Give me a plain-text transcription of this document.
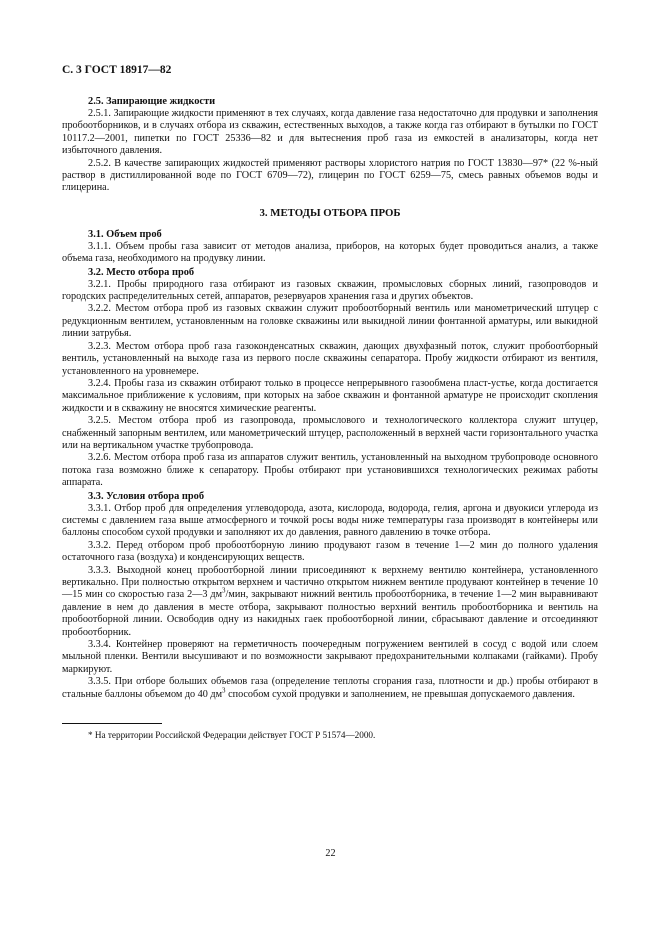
С. 3 ГОСТ 18917—82
2.5. Запирающие жидкости

2.5.1. Запирающие жидкости применяют в тех случаях, когда давление газа недостаточно для продувки и заполнения пробоотборников, и в случаях отбора из скважин, естественных выходов, а также когда газ отбирают в бутылки по ГОСТ 10117.2—2001, пипетки по ГОСТ 25336—82 и для вытеснения проб газа из емкостей в анализаторы, когда нет избыточного давления.

2.5.2. В качестве запирающих жидкостей применяют растворы хлористого натрия по ГОСТ 13830—97* (22 %-ный раствор в дистиллированной воде по ГОСТ 6709—72), глицерин по ГОСТ 6259—75, смесь равных объемов воды и глицерина.

3. МЕТОДЫ ОТБОРА ПРОБ
3.1. Объем проб

3.1.1. Объем пробы газа зависит от методов анализа, приборов, на которых будет проводиться анализ, а также объема газа, необходимого на продувку линии.

3.2. Место отбора проб

3.2.1. Пробы природного газа отбирают из газовых скважин, промысловых сборных линий, газопроводов и городских распределительных сетей, аппаратов, резервуаров хранения газа и других объектов.

3.2.2. Местом отбора проб из газовых скважин служит пробоотборный вентиль или манометрический штуцер с редукционным вентилем, установленным на головке скважины или выкидной линии фонтанной арматуры, или выкидной линии затрубья.

3.2.3. Местом отбора проб газа газоконденсатных скважин, дающих двухфазный поток, служит пробоотборный вентиль, установленный на выходе газа из первого после скважины сепаратора. Пробу жидкости отбирают из вентиля, установленного на уровнемере.

3.2.4. Пробы газа из скважин отбирают только в процессе непрерывного газообмена пласт-устье, когда достигается максимальное приближение к условиям, при которых на забое скважин и фонтанной арматуре не происходит скопления жидкости и в скважину не вносятся химические реагенты.

3.2.5. Местом отбора проб из газопровода, промыслового и технологического коллектора служит штуцер, снабженный запорным вентилем, или манометрический штуцер, расположенный в верхней части горизонтального участка или на вертикальном участке трубопровода.

3.2.6. Местом отбора проб газа из аппаратов служит вентиль, установленный на выходном трубопроводе основного потока газа возможно ближе к сепаратору. Пробы отбирают при установившихся технологических режимах работы аппарата.

3.3. Условия отбора проб

3.3.1. Отбор проб для определения углеводорода, азота, кислорода, водорода, гелия, аргона и двуокиси углерода из системы с давлением газа выше атмосферного и точкой росы воды ниже температуры газа производят в контейнеры или баллоны способом сухой продувки и заполняют их до давления, равного давлению в точке отбора.

3.3.2. Перед отбором проб пробоотборную линию продувают газом в течение 1—2 мин до полного удаления остаточного газа (воздуха) и конденсирующих веществ.

3.3.3. Выходной конец пробоотборной линии присоединяют к верхнему вентилю контейнера, установленного вертикально. При полностью открытом верхнем и частично открытом нижнем вентиле продувают контейнер в течение 10—15 мин со скоростью газа 2—3 $дм^3$/мин, закрывают нижний вентиль пробоотборника, в течение 1—2 мин выравнивают давление в нем до давления в месте отбора, закрывают полностью верхний вентиль пробоотборника и вентиль на пробоотборной линии. Освободив одну из накидных гаек пробоотборной линии, сбрасывают давление и отсоединяют пробоотборник.

3.3.4. Контейнер проверяют на герметичность поочередным погружением вентилей в сосуд с водой или слоем мыльной пленки. Вентили высушивают и по возможности закрывают предохранительными колпаками (гайками). Пробу маркируют.

3.3.5. При отборе больших объемов газа (определение теплоты сгорания газа, плотности и др.) пробы отбирают в стальные баллоны объемом до 40 $дм^3$ способом сухой продувки и заполнением, не превышая допускаемого давления.

* На территории Российской Федерации действует ГОСТ Р 51574—2000.
22
